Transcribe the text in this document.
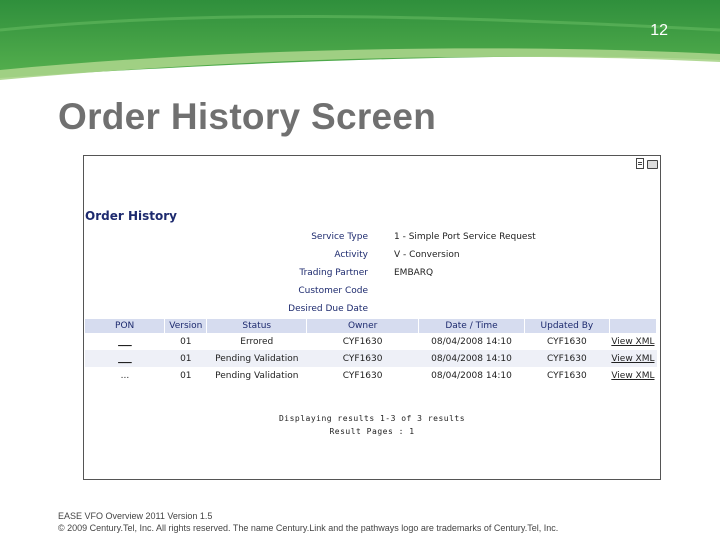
12
Order History Screen
Order History
Service Type	1 - Simple Port Service Request
Activity	V - Conversion
Trading Partner	EMBARQ
Customer Code
Desired Due Date
PON	Version	Status	Owner	Date / Time	Updated By	
___	01	Errored	CYF1630	08/04/2008 14:10	CYF1630	View XML
___	01	Pending Validation	CYF1630	08/04/2008 14:10	CYF1630	View XML
...	01	Pending Validation	CYF1630	08/04/2008 14:10	CYF1630	View XML
Displaying results 1-3 of 3 results
Result Pages : 1
EASE VFO Overview 2011 Version 1.5
© 2009 Century.Tel, Inc. All rights reserved. The name Century.Link and the pathways logo are trademarks of Century.Tel, Inc.
